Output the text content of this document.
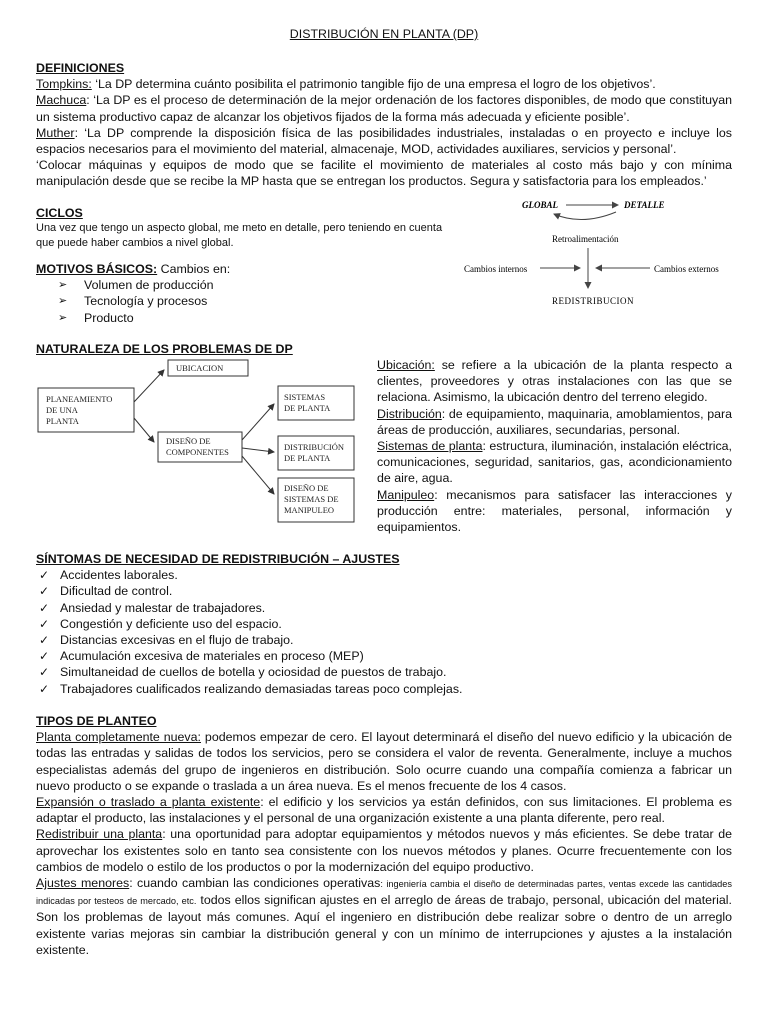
DISTRIBUCIÓN EN PLANTA (DP)
DEFINICIONES
Tompkins: ‘La DP determina cuánto posibilita el patrimonio tangible fijo de una empresa el logro de los objetivos’.
Machuca: ‘La DP es el proceso de determinación de la mejor ordenación de los factores disponibles, de modo que constituyan un sistema productivo capaz de alcanzar los objetivos fijados de la forma más adecuada y eficiente posible’.
Muther: ‘La DP comprende la disposición física de las posibilidades industriales, instaladas o en proyecto e incluye los espacios necesarios para el movimiento del material, almacenaje, MOD, actividades auxiliares, servicios y personal’.
‘Colocar máquinas y equipos de modo que se facilite el movimiento de materiales al costo más bajo y con mínima manipulación desde que se recibe la MP hasta que se entregan los productos. Segura y satisfactoria para los empleados.’
CICLOS
Una vez que tengo un aspecto global, me meto en detalle, pero teniendo en cuenta que puede haber cambios a nivel global.
GLOBAL	DETALLE
Retroalimentación
Cambios internos	Cambios externos
REDISTRIBUCION
MOTIVOS BÁSICOS: Cambios en:
➢ Volumen de producción
➢ Tecnología y procesos
➢ Producto
NATURALEZA DE LOS PROBLEMAS DE DP
PLANEAMIENTO
DE UNA
PLANTA
UBICACION
DISEÑO DE
COMPONENTES
SISTEMAS
DE PLANTA
DISTRIBUCIÓN
DE PLANTA
DISEÑO DE
SISTEMAS DE
MANIPULEO
Ubicación: se refiere a la ubicación de la planta respecto a clientes, proveedores y otras instalaciones con las que se relaciona. Asimismo, la ubicación dentro del terreno elegido.
Distribución: de equipamiento, maquinaria, amoblamientos, para áreas de producción, auxiliares, secundarias, personal.
Sistemas de planta: estructura, iluminación, instalación eléctrica, comunicaciones, seguridad, sanitarios, gas, acondicionamiento de aire, agua.
Manipuleo: mecanismos para satisfacer las interacciones y producción entre: materiales, personal, información y equipamientos.
SÍNTOMAS DE NECESIDAD DE REDISTRIBUCIÓN – AJUSTES
✓ Accidentes laborales.
✓ Dificultad de control.
✓ Ansiedad y malestar de trabajadores.
✓ Congestión y deficiente uso del espacio.
✓ Distancias excesivas en el flujo de trabajo.
✓ Acumulación excesiva de materiales en proceso (MEP)
✓ Simultaneidad de cuellos de botella y ociosidad de puestos de trabajo.
✓ Trabajadores cualificados realizando demasiadas tareas poco complejas.
TIPOS DE PLANTEO
Planta completamente nueva: podemos empezar de cero. El layout determinará el diseño del nuevo edificio y la ubicación de todas las entradas y salidas de todos los servicios, pero se considera el valor de reventa. Generalmente, incluye a muchos especialistas además del grupo de ingenieros en distribución. Solo ocurre cuando una compañía comienza a fabricar un nuevo producto o se expande o traslada a un área nueva. Es el menos frecuente de los 4 casos.
Expansión o traslado a planta existente: el edificio y los servicios ya están definidos, con sus limitaciones. El problema es adaptar el producto, las instalaciones y el personal de una organización existente a una planta diferente, pero real.
Redistribuir una planta: una oportunidad para adoptar equipamientos y métodos nuevos y más eficientes. Se debe tratar de aprovechar los existentes solo en tanto sea consistente con los nuevos métodos y planes. Ocurre frecuentemente con los cambios de modelo o estilo de los productos o por la modernización del equipo productivo.
Ajustes menores: cuando cambian las condiciones operativas: ingeniería cambia el diseño de determinadas partes, ventas excede las cantidades indicadas por testeos de mercado, etc. todos ellos significan ajustes en el arreglo de áreas de trabajo, personal, ubicación del material. Son los problemas de layout más comunes. Aquí el ingeniero en distribución debe realizar sobre o dentro de un arreglo existente varias mejoras sin cambiar la distribución general y con un mínimo de interrupciones y ajustes a la instalación existente.
